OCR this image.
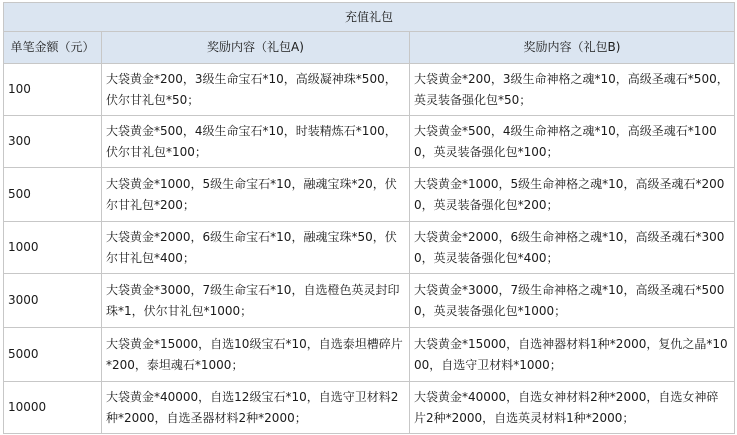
充值礼包		
单笔金额（元）	奖励内容（礼包A)	奖励内容（礼包B)
100	大袋黄金*200，3级生命宝石*10，高级凝神珠*500，伏尔甘礼包*50；	大袋黄金*200，3级生命神格之魂*10，高级圣魂石*500，英灵装备强化包*50；
300	大袋黄金*500，4级生命宝石*10，时装精炼石*100，伏尔甘礼包*100；	大袋黄金*500，4级生命神格之魂*10，高级圣魂石*1000，英灵装备强化包*100；
500	大袋黄金*1000，5级生命宝石*10，融魂宝珠*20，伏尔甘礼包*200；	大袋黄金*1000，5级生命神格之魂*10，高级圣魂石*2000，英灵装备强化包*200；
1000	大袋黄金*2000，6级生命宝石*10，融魂宝珠*50，伏尔甘礼包*400；	大袋黄金*2000，6级生命神格之魂*10，高级圣魂石*3000，英灵装备强化包*400；
3000	大袋黄金*3000，7级生命宝石*10，自选橙色英灵封印珠*1，伏尔甘礼包*1000；	大袋黄金*3000，7级生命神格之魂*10，高级圣魂石*5000，英灵装备强化包*1000；
5000	大袋黄金*15000，自选10级宝石*10，自选泰坦槽碎片*200，泰坦魂石*1000；	大袋黄金*15000，自选神器材料1种*2000，复仇之晶*1000，自选守卫材料*1000；
10000	大袋黄金*40000，自选12级宝石*10，自选守卫材料2种*2000，自选圣器材料2种*2000；	大袋黄金*40000，自选女神材料2种*2000，自选女神碎片2种*2000，自选英灵材料1种*2000；
